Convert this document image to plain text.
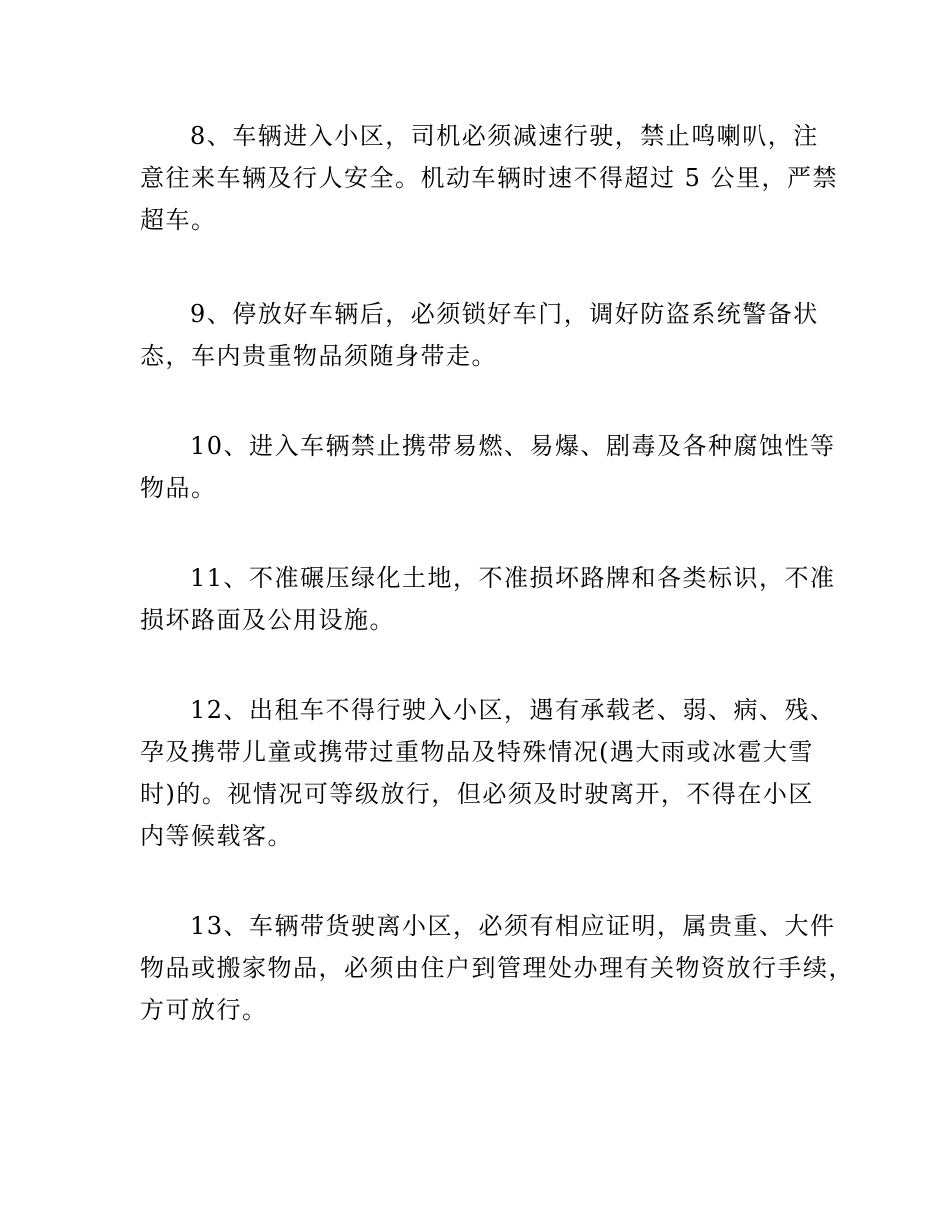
8、车辆进入小区，司机必须减速行驶，禁止鸣喇叭，注
意往来车辆及行人安全。机动车辆时速不得超过 5 公里，严禁
超车。
9、停放好车辆后，必须锁好车门，调好防盗系统警备状
态，车内贵重物品须随身带走。
10、进入车辆禁止携带易燃、易爆、剧毒及各种腐蚀性等
物品。
11、不准碾压绿化土地，不准损坏路牌和各类标识，不准
损坏路面及公用设施。
12、出租车不得行驶入小区，遇有承载老、弱、病、残、
孕及携带儿童或携带过重物品及特殊情况(遇大雨或冰雹大雪
时)的。视情况可等级放行，但必须及时驶离开，不得在小区
内等候载客。
13、车辆带货驶离小区，必须有相应证明，属贵重、大件
物品或搬家物品，必须由住户到管理处办理有关物资放行手续，
方可放行。
